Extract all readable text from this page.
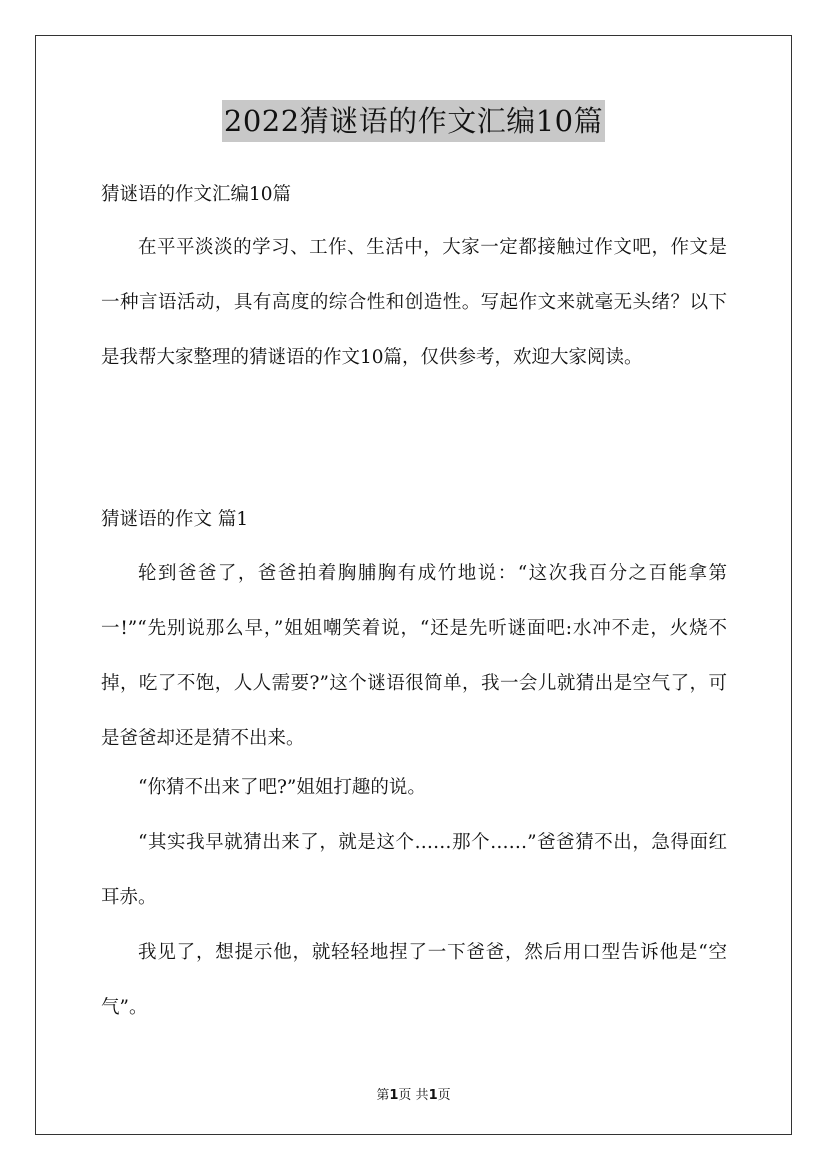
2022猜谜语的作文汇编10篇
猜谜语的作文汇编10篇

在平平淡淡的学习、工作、生活中，大家一定都接触过作文吧，作文是一种言语活动，具有高度的综合性和创造性。写起作文来就毫无头绪？以下是我帮大家整理的猜谜语的作文10篇，仅供参考，欢迎大家阅读。

猜谜语的作文 篇1

轮到爸爸了，爸爸拍着胸脯胸有成竹地说：“这次我百分之百能拿第一!”“先别说那么早，”姐姐嘲笑着说，“还是先听谜面吧:水冲不走，火烧不掉，吃了不饱，人人需要?”这个谜语很简单，我一会儿就猜出是空气了，可是爸爸却还是猜不出来。

“你猜不出来了吧?”姐姐打趣的说。

“其实我早就猜出来了，就是这个……那个……”爸爸猜不出，急得面红耳赤。

我见了，想提示他，就轻轻地捏了一下爸爸，然后用口型告诉他是“空气”。

第1页 共1页
